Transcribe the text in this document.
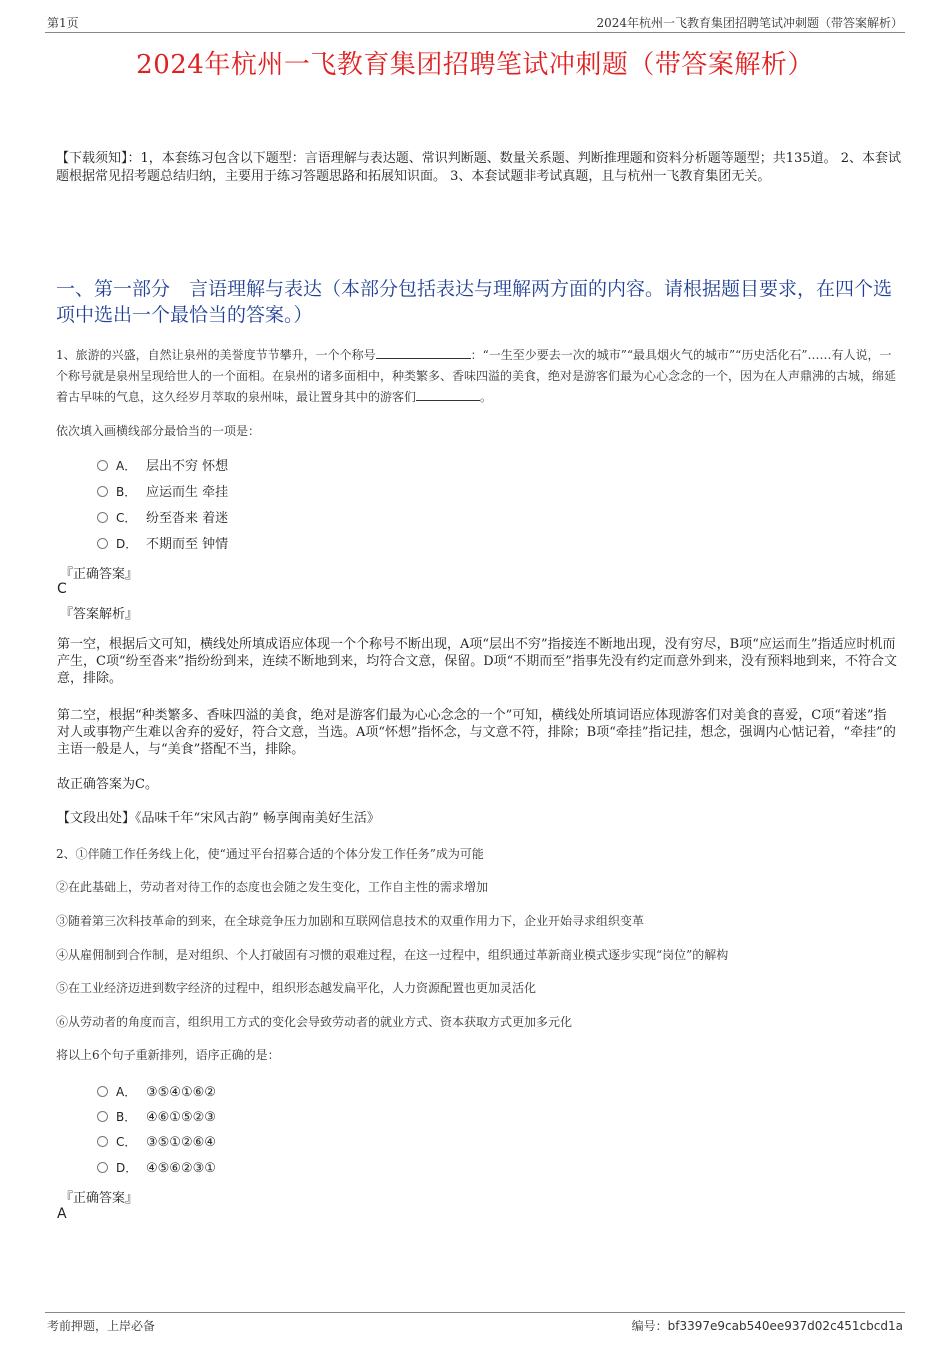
第1页	2024年杭州一飞教育集团招聘笔试冲刺题（带答案解析）
2024年杭州一飞教育集团招聘笔试冲刺题（带答案解析）
【下载须知】：1，本套练习包含以下题型：言语理解与表达题、常识判断题、数量关系题、判断推理题和资料分析题等题型；共135道。 2、本套试题根据常见招考题总结归纳，主要用于练习答题思路和拓展知识面。 3、本套试题非考试真题，且与杭州一飞教育集团无关。
一、第一部分　言语理解与表达（本部分包括表达与理解两方面的内容。请根据题目要求，在四个选项中选出一个最恰当的答案。）
1、旅游的兴盛，自然让泉州的美誉度节节攀升，一个个称号	：“一生至少要去一次的城市”“最具烟火气的城市”“历史活化石”……有人说，一个称号就是泉州呈现给世人的一个面相。在泉州的诸多面相中，种类繁多、香味四溢的美食，绝对是游客们最为心心念念的一个，因为在人声鼎沸的古城，绵延着古早味的气息，这久经岁月萃取的泉州味，最让置身其中的游客们	。
依次填入画横线部分最恰当的一项是：
A． 层出不穷 怀想
B． 应运而生 牵挂
C． 纷至沓来 着迷
D． 不期而至 钟情
『正确答案』
C
『答案解析』
第一空，根据后文可知，横线处所填成语应体现一个个称号不断出现，A项“层出不穷”指接连不断地出现，没有穷尽，B项“应运而生”指适应时机而产生，C项“纷至沓来”指纷纷到来，连续不断地到来，均符合文意，保留。D项“不期而至”指事先没有约定而意外到来，没有预料地到来，不符合文意，排除。
第二空，根据“种类繁多、香味四溢的美食，绝对是游客们最为心心念念的一个”可知，横线处所填词语应体现游客们对美食的喜爱，C项“着迷”指对人或事物产生难以舍弃的爱好，符合文意，当选。A项“怀想”指怀念，与文意不符，排除；B项“牵挂”指记挂，想念，强调内心惦记着，“牵挂”的主语一般是人，与“美食”搭配不当，排除。
故正确答案为C。
【文段出处】《品味千年“宋风古韵” 畅享闽南美好生活》
2、①伴随工作任务线上化，使“通过平台招募合适的个体分发工作任务”成为可能
②在此基础上，劳动者对待工作的态度也会随之发生变化，工作自主性的需求增加
③随着第三次科技革命的到来，在全球竞争压力加剧和互联网信息技术的双重作用力下，企业开始寻求组织变革
④从雇佣制到合作制，是对组织、个人打破固有习惯的艰难过程，在这一过程中，组织通过革新商业模式逐步实现“岗位”的解构
⑤在工业经济迈进到数字经济的过程中，组织形态越发扁平化，人力资源配置也更加灵活化
⑥从劳动者的角度而言，组织用工方式的变化会导致劳动者的就业方式、资本获取方式更加多元化
将以上6个句子重新排列，语序正确的是：
A． ③⑤④①⑥②
B． ④⑥①⑤②③
C． ③⑤①②⑥④
D． ④⑤⑥②③①
『正确答案』
A
考前押题，上岸必备	编号：bf3397e9cab540ee937d02c451cbcd1a
